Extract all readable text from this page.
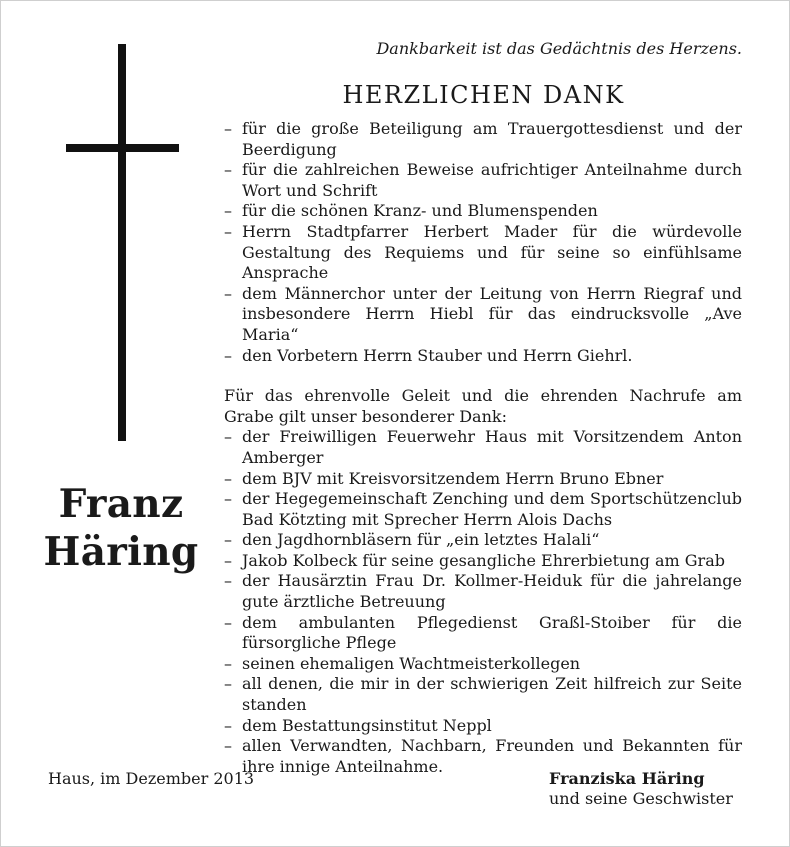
Franz
Häring
Dankbarkeit ist das Gedächtnis des Herzens.
HERZLICHEN DANK
– für die große Beteiligung am Trauergottesdienst und der Beerdigung
– für die zahlreichen Beweise aufrichtiger Anteilnahme durch Wort und Schrift
– für die schönen Kranz- und Blumenspenden
– Herrn Stadtpfarrer Herbert Mader für die würdevolle Gestaltung des Requiems und für seine so einfühlsame Ansprache
– dem Männerchor unter der Leitung von Herrn Riegraf und insbesondere Herrn Hiebl für das eindrucksvolle „Ave Maria“
– den Vorbetern Herrn Stauber und Herrn Giehrl.
Für das ehrenvolle Geleit und die ehrenden Nachrufe am Grabe gilt unser besonderer Dank:
– der Freiwilligen Feuerwehr Haus mit Vorsitzendem Anton Amberger
– dem BJV mit Kreisvorsitzendem Herrn Bruno Ebner
– der Hegegemeinschaft Zenching und dem Sportschützenclub Bad Kötzting mit Sprecher Herrn Alois Dachs
– den Jagdhornbläsern für „ein letztes Halali“
– Jakob Kolbeck für seine gesangliche Ehrerbietung am Grab
– der Hausärztin Frau Dr. Kollmer-Heiduk für die jahrelange gute ärztliche Betreuung
– dem ambulanten Pflegedienst Graßl-Stoiber für die fürsorgliche Pflege
– seinen ehemaligen Wachtmeisterkollegen
– all denen, die mir in der schwierigen Zeit hilfreich zur Seite standen
– dem Bestattungsinstitut Neppl
– allen Verwandten, Nachbarn, Freunden und Bekannten für ihre innige Anteilnahme.
Haus, im Dezember 2013	Franziska Häring
und seine Geschwister
